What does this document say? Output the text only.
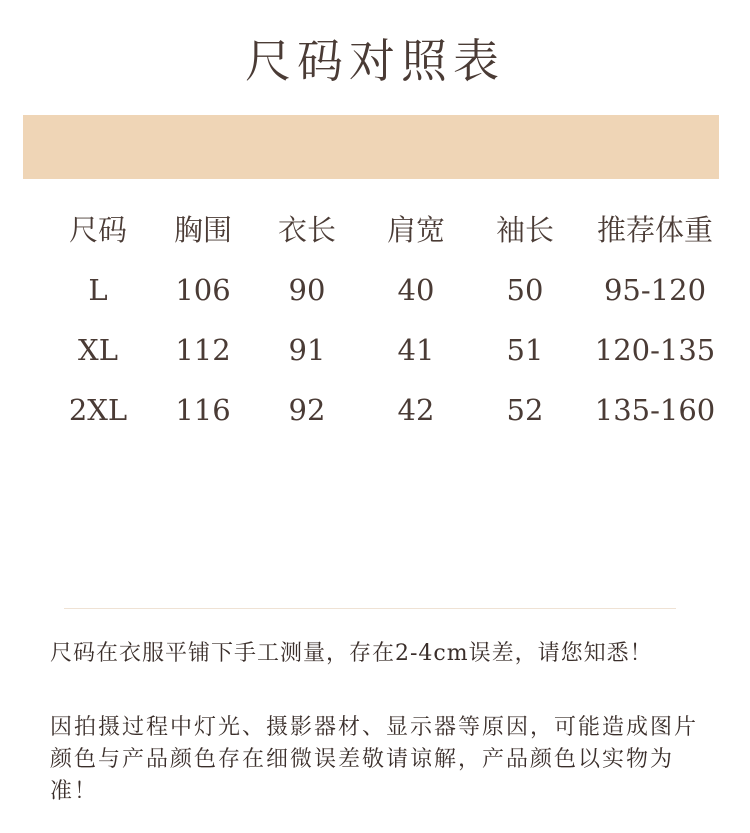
尺码对照表
尺码 胸围 衣长 肩宽 袖长 推荐体重
L 106 90 40 50 95-120
XL 112 91 41 51 120-135
2XL 116 92 42 52 135-160
尺码在衣服平铺下手工测量，存在2-4cm误差，请您知悉！
因拍摄过程中灯光、摄影器材、显示器等原因，可能造成图片颜色与产品颜色存在细微误差敬请谅解，产品颜色以实物为准！
